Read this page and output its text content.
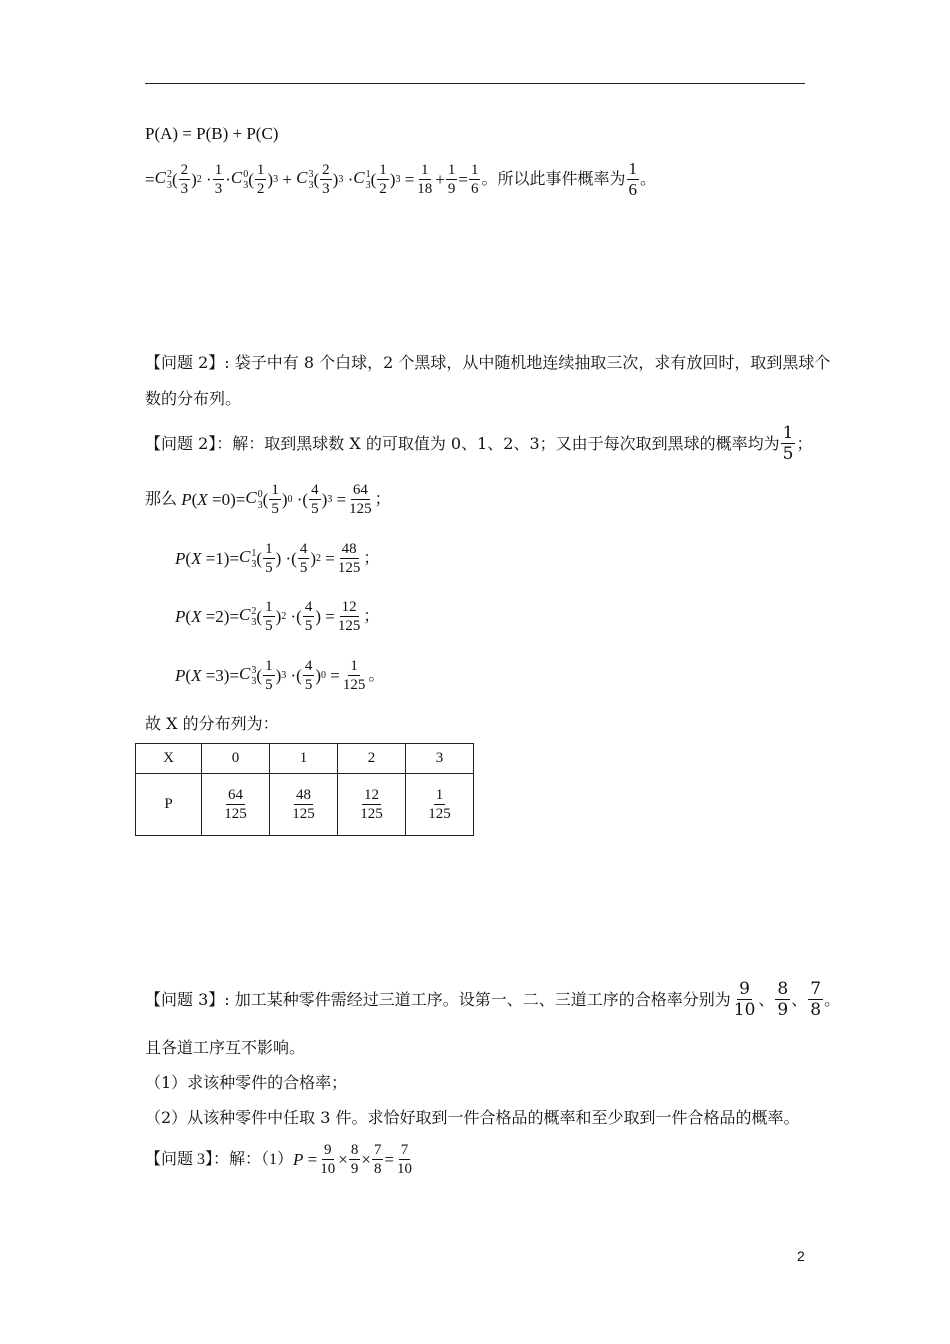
P(A) = P(B) + P(C)
= C 2
3 ( $\frac{2}{3}$ ) $2 \cdot \frac{1}{3} \cdot C$ 0
3 ( $\frac{1}{2}$ ) 3
+
C 3
3 ( $\frac{2}{3}$ ) 3 · C 1
3 ( $\frac{1}{2}$ ) $3 = \frac{1}{18} + \frac{1}{9} = \frac{1}{6}$ 。所以此事件概率为 $\frac{1}{6}$ 。
【问题 2】: 袋子中有 8 个白球，2 个黑球，从中随机地连续抽取三次，求有放回时，取到黑球个
数的分布列。
【问题 2】：解：取到黑球数 X 的可取值为 0、1、2、3；又由于每次取到黑球的概率均为 $\frac{1}{5}$ ；
那么 P ( X = 0 )= C 0
3 ( $\frac{1}{5}$ ) 0 ·( $\frac{4}{5}$ ) $3 = \frac{64}{125}$ ；
P ( X = 1 )= C 1
3 ( $\frac{1}{5}$ )
·( $\frac{4}{5}$ ) $2 = \frac{48}{125}$ ；
P ( X = 2 )= C 2
3 ( $\frac{1}{5}$ ) 2 ·( $\frac{4}{5}$ )
= $\frac{12}{125}$ ；
P ( X = 3 )= C 3
3 ( $\frac{1}{5}$ ) 3 ·( $\frac{4}{5}$ ) $0 = \frac{1}{125}$ 。
故 X 的分布列为：
X	0	1	2	3
P	$\frac{64}{125}$	$\frac{48}{125}$	$\frac{12}{125}$	$\frac{1}{125}$
【问题 3】: 加工某种零件需经过三道工序。设第一、二、三道工序的合格率分别为 $\frac{9}{10}$ 、 $\frac{8}{9}$ 、 $\frac{7}{8}$ 。
且各道工序互不影响。
（1）求该种零件的合格率；
（2）从该种零件中任取 3 件。求恰好取到一件合格品的概率和至少取到一件合格品的概率。
【问题 3】：解：（1） $P = \frac{9}{10} \times \frac{8}{9} \times \frac{7}{8} = \frac{7}{10}$
2
